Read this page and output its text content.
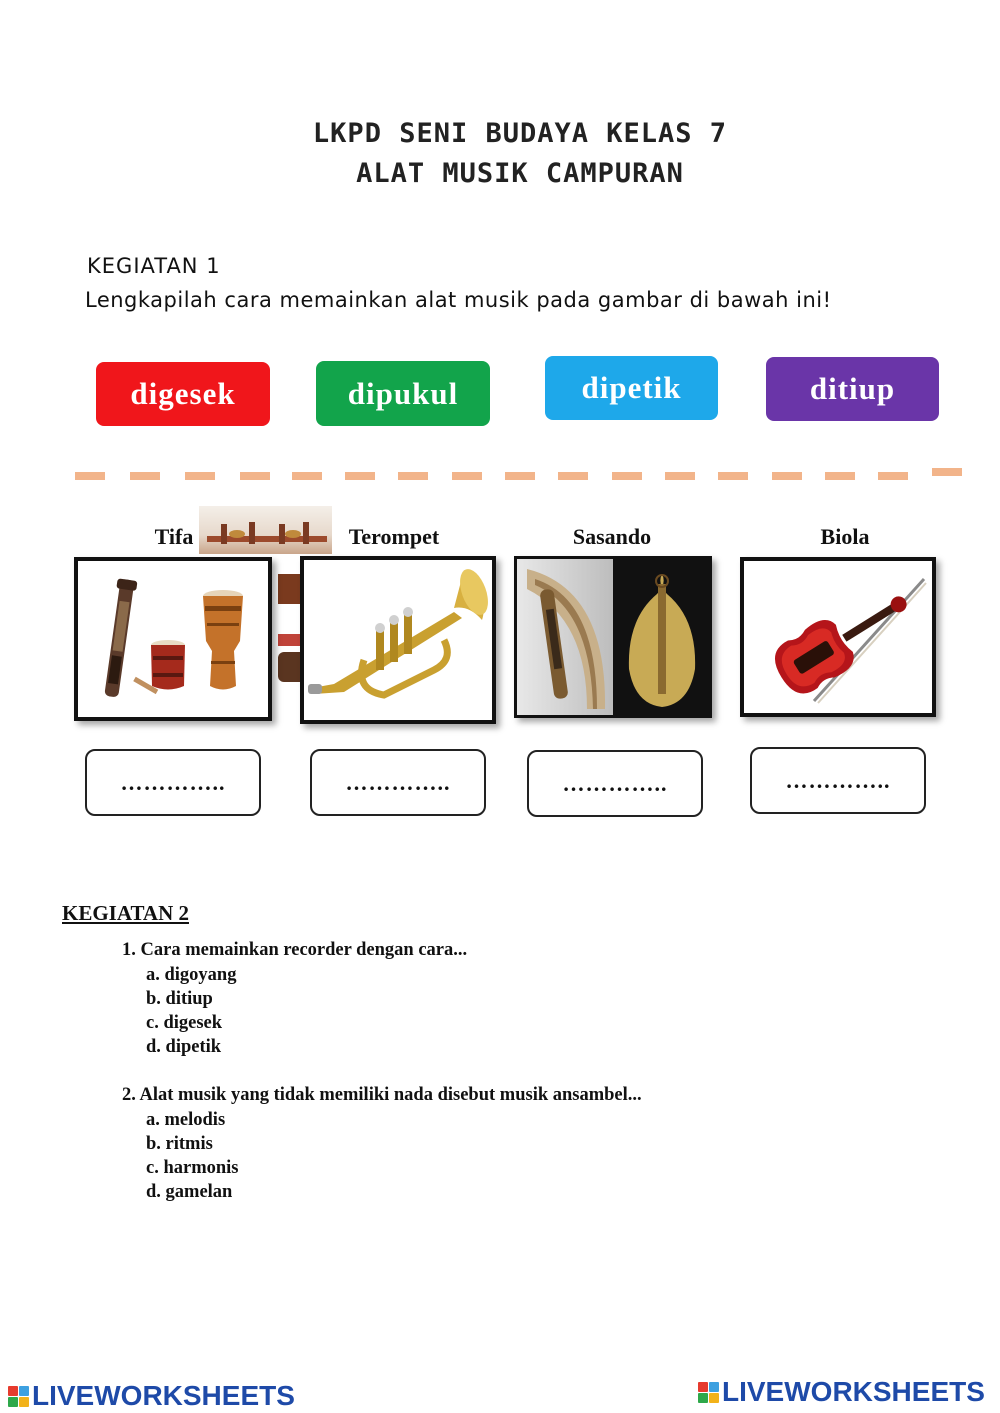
LKPD SENI BUDAYA KELAS 7
ALAT MUSIK CAMPURAN
KEGIATAN 1
Lengkapilah cara memainkan alat musik pada gambar di bawah ini!
digesek	dipukul	dipetik	ditiup
Tifa	Terompet	Sasando	Biola
…………..	…………..	…………..	…………..
KEGIATAN 2
1. Cara memainkan recorder dengan cara...
a. digoyang
b. ditiup
c. digesek
d. dipetik
2. Alat musik yang tidak memiliki nada disebut musik ansambel...
a. melodis
b. ritmis
c. harmonis
d. gamelan
LIVEWORKSHEETS	LIVEWORKSHEETS
